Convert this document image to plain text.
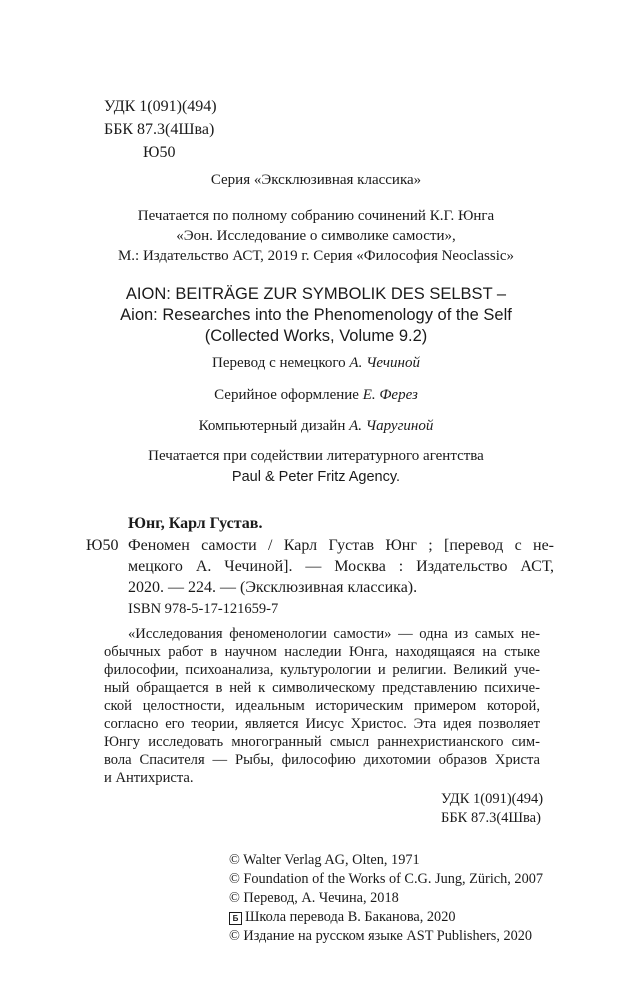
УДК 1(091)(494)
ББК 87.3(4Шва)
Ю50
Серия «Эксклюзивная классика»
Печатается по полному собранию сочинений К.Г. Юнга
«Эон. Исследование о символике самости»,
М.: Издательство АСТ, 2019 г. Серия «Философия Neoclassic»
AION: BEITRÄGE ZUR SYMBOLIK DES SELBST –
Aion: Researches into the Phenomenology of the Self
(Collected Works, Volume 9.2)
Перевод с немецкого А. Чечиной
Серийное оформление Е. Ферез
Компьютерный дизайн А. Чаругиной
Печатается при содействии литературного агентства
Paul & Peter Fritz Agency.
Юнг, Карл Густав.
Ю50 Феномен самости / Карл Густав Юнг ; [перевод с не-
мецкого А. Чечиной]. — Москва : Издательство АСТ,
2020. — 224. — (Эксклюзивная классика).
ISBN 978-5-17-121659-7
«Исследования феноменологии самости» — одна из самых не-
обычных работ в научном наследии Юнга, находящаяся на стыке
философии, психоанализа, культурологии и религии. Великий уче-
ный обращается в ней к символическому представлению психиче-
ской целостности, идеальным историческим примером которой,
согласно его теории, является Иисус Христос. Эта идея позволяет
Юнгу исследовать многогранный смысл раннехристианского сим-
вола Спасителя — Рыбы, философию дихотомии образов Христа
и Антихриста.
УДК 1(091)(494)
ББК 87.3(4Шва)
© Walter Verlag AG, Olten, 1971
© Foundation of the Works of C.G. Jung, Zürich, 2007
© Перевод, А. Чечина, 2018
Б Школа перевода В. Баканова, 2020
© Издание на русском языке AST Publishers, 2020
